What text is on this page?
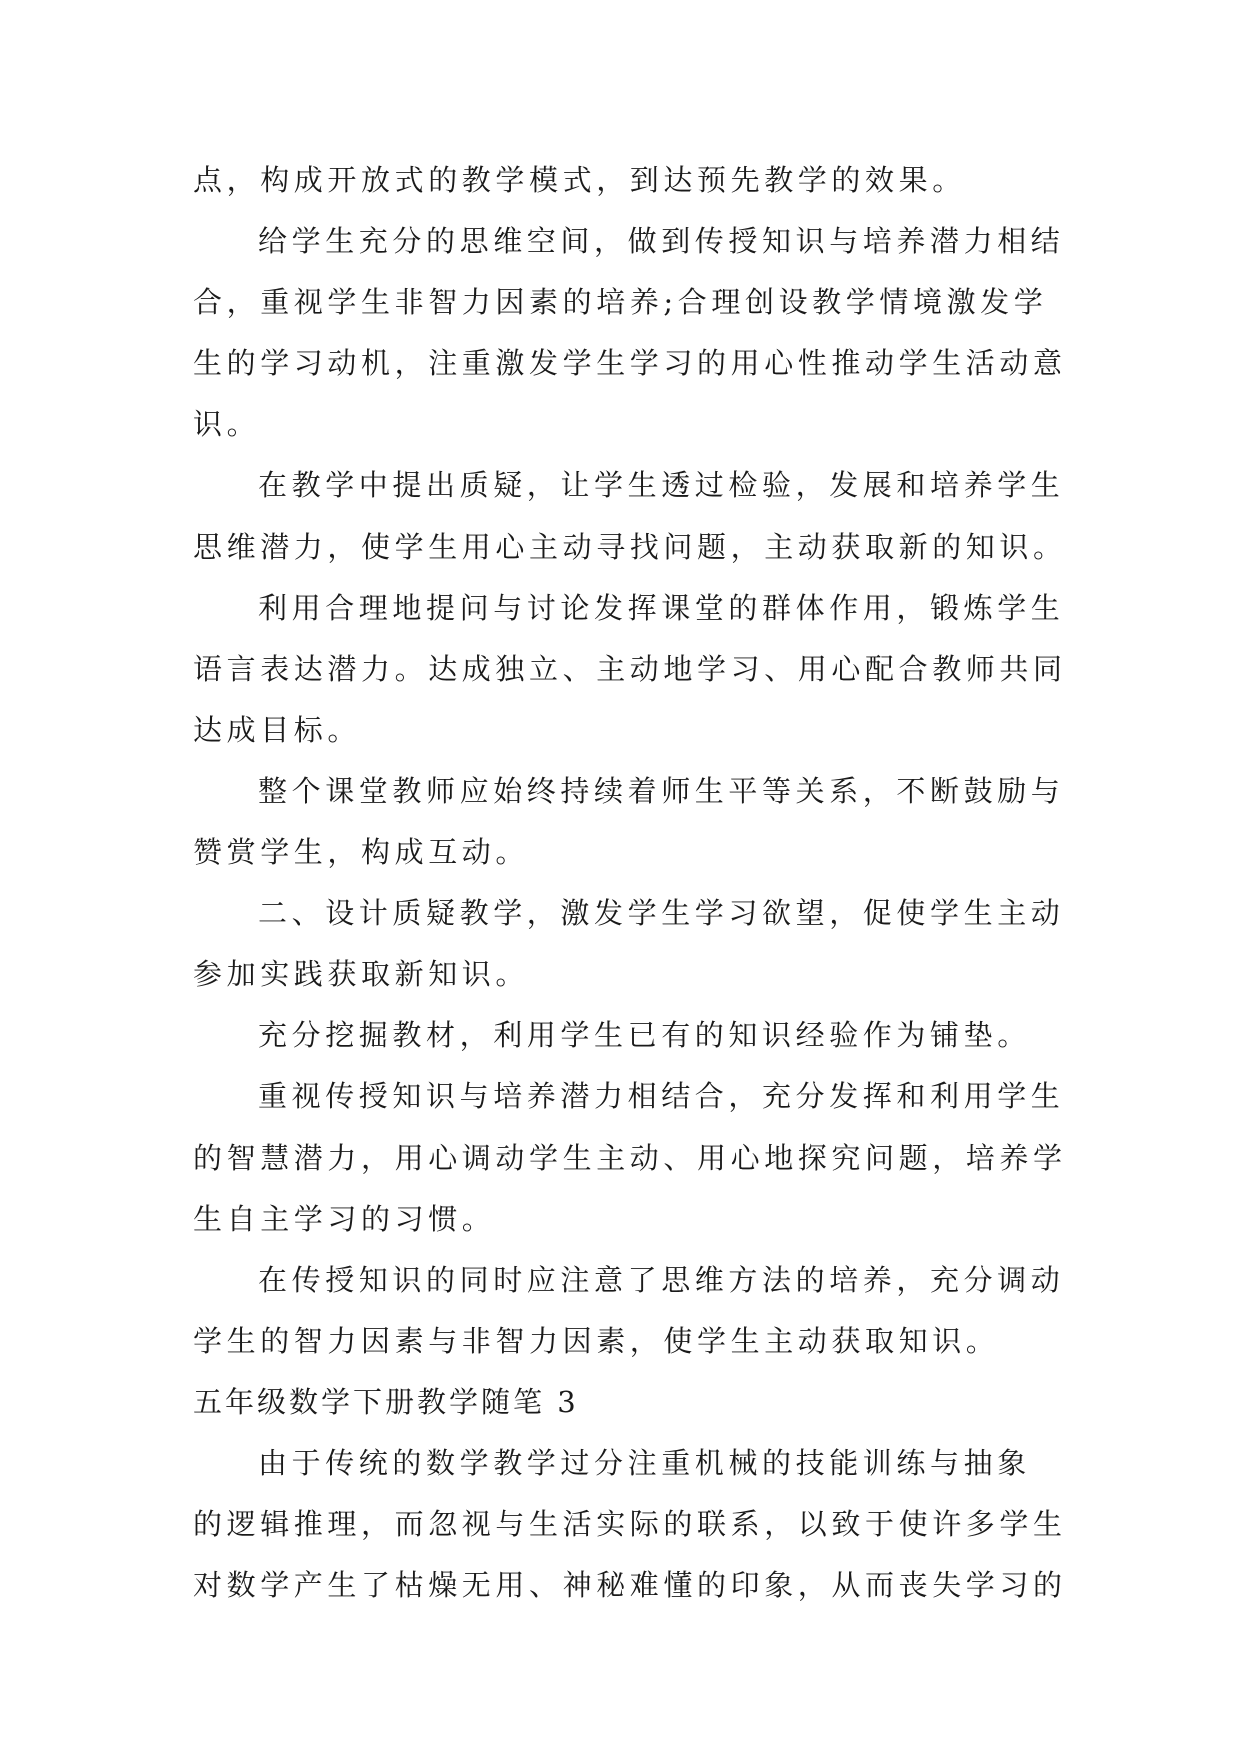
点，构成开放式的教学模式，到达预先教学的效果。
给学生充分的思维空间，做到传授知识与培养潜力相结
合，重视学生非智力因素的培养;合理创设教学情境激发学
生的学习动机，注重激发学生学习的用心性推动学生活动意
识。
在教学中提出质疑，让学生透过检验，发展和培养学生
思维潜力，使学生用心主动寻找问题，主动获取新的知识。
利用合理地提问与讨论发挥课堂的群体作用，锻炼学生
语言表达潜力。达成独立、主动地学习、用心配合教师共同
达成目标。
整个课堂教师应始终持续着师生平等关系，不断鼓励与
赞赏学生，构成互动。
二、设计质疑教学，激发学生学习欲望，促使学生主动
参加实践获取新知识。
充分挖掘教材，利用学生已有的知识经验作为铺垫。
重视传授知识与培养潜力相结合，充分发挥和利用学生
的智慧潜力，用心调动学生主动、用心地探究问题，培养学
生自主学习的习惯。
在传授知识的同时应注意了思维方法的培养，充分调动
学生的智力因素与非智力因素，使学生主动获取知识。
五年级数学下册教学随笔 3
由于传统的数学教学过分注重机械的技能训练与抽象
的逻辑推理，而忽视与生活实际的联系，以致于使许多学生
对数学产生了枯燥无用、神秘难懂的印象，从而丧失学习的
